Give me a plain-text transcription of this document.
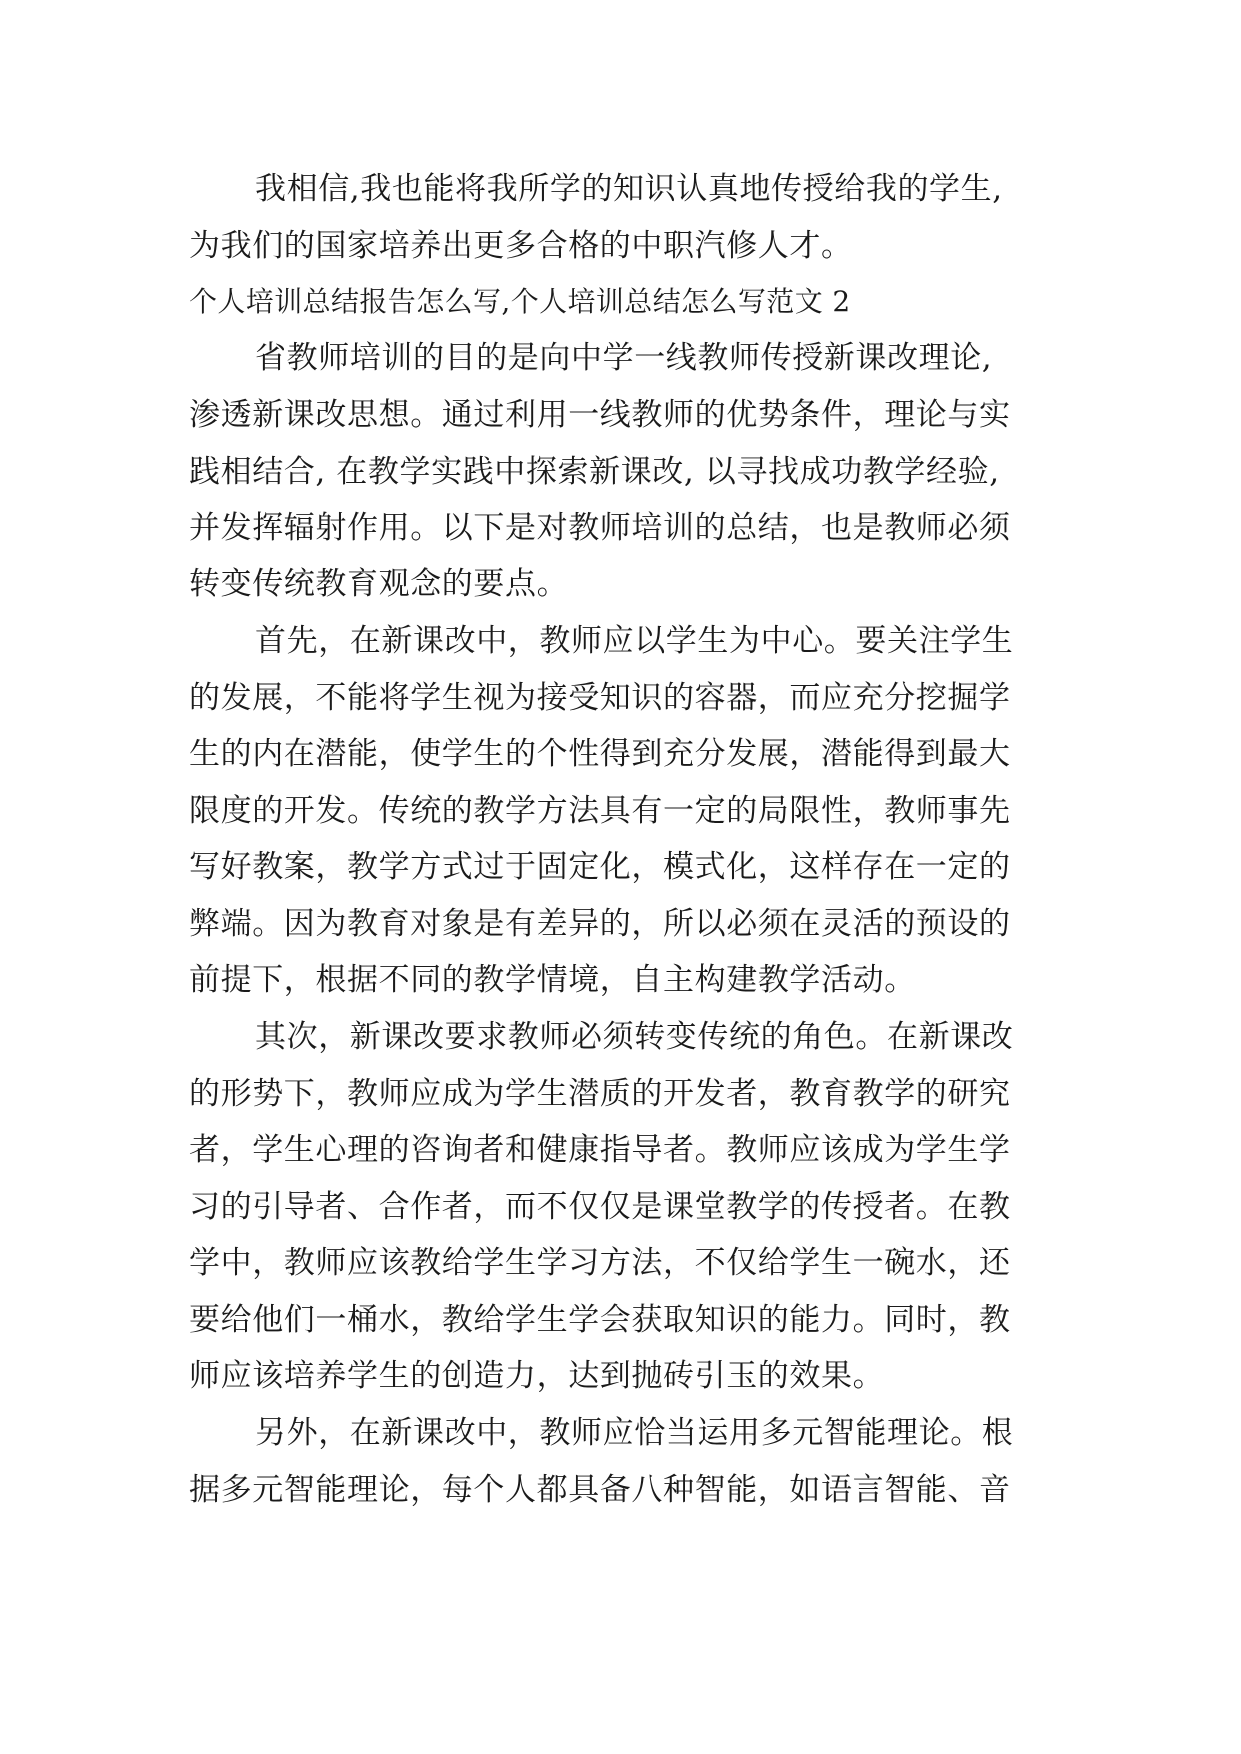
我相信,我也能将我所学的知识认真地传授给我的学生,
为我们的国家培养出更多合格的中职汽修人才。
个人培训总结报告怎么写,个人培训总结怎么写范文 2
省教师培训的目的是向中学一线教师传授新课改理论,
渗透新课改思想。通过利用一线教师的优势条件，理论与实
践相结合, 在教学实践中探索新课改, 以寻找成功教学经验,
并发挥辐射作用。以下是对教师培训的总结，也是教师必须
转变传统教育观念的要点。
首先，在新课改中，教师应以学生为中心。要关注学生
的发展，不能将学生视为接受知识的容器，而应充分挖掘学
生的内在潜能，使学生的个性得到充分发展，潜能得到最大
限度的开发。传统的教学方法具有一定的局限性，教师事先
写好教案，教学方式过于固定化，模式化，这样存在一定的
弊端。因为教育对象是有差异的，所以必须在灵活的预设的
前提下，根据不同的教学情境，自主构建教学活动。
其次，新课改要求教师必须转变传统的角色。在新课改
的形势下，教师应成为学生潜质的开发者，教育教学的研究
者，学生心理的咨询者和健康指导者。教师应该成为学生学
习的引导者、合作者，而不仅仅是课堂教学的传授者。在教
学中，教师应该教给学生学习方法，不仅给学生一碗水，还
要给他们一桶水，教给学生学会获取知识的能力。同时，教
师应该培养学生的创造力，达到抛砖引玉的效果。
另外，在新课改中，教师应恰当运用多元智能理论。根
据多元智能理论，每个人都具备八种智能，如语言智能、音
